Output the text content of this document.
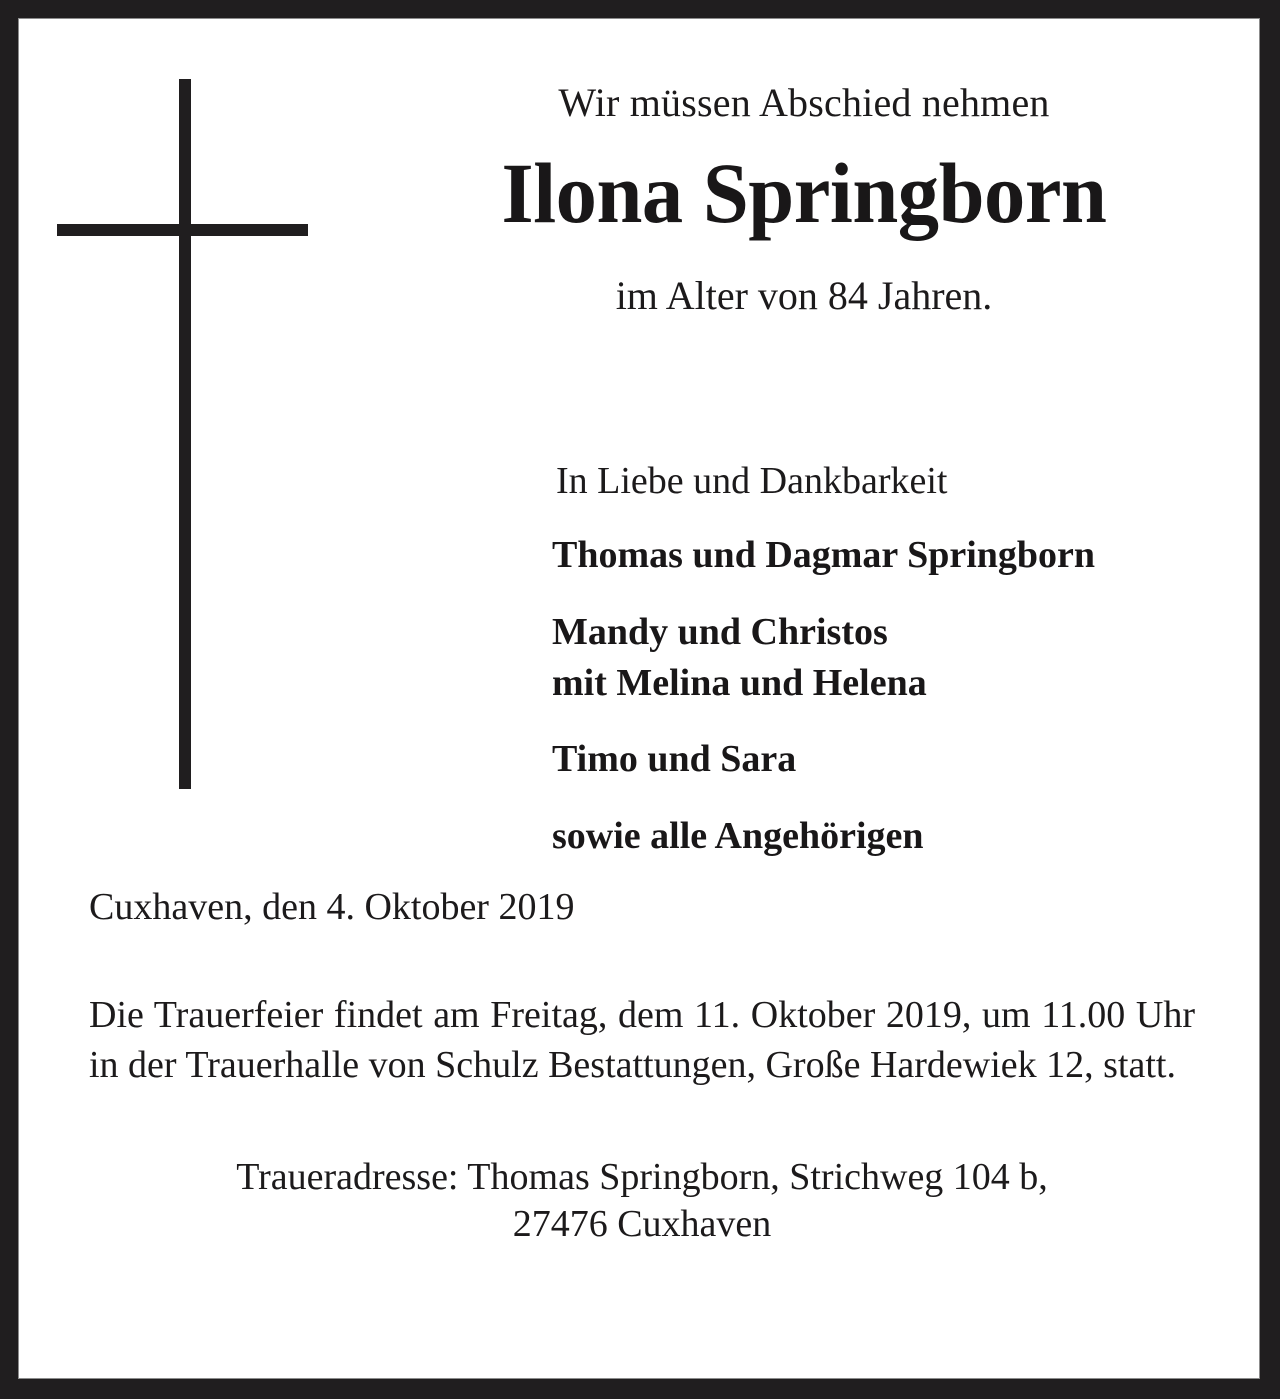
Wir müssen Abschied nehmen
Ilona Springborn
im Alter von 84 Jahren.
In Liebe und Dankbarkeit
Thomas und Dagmar Springborn
Mandy und Christos
mit Melina und Helena
Timo und Sara
sowie alle Angehörigen
Cuxhaven, den 4. Oktober 2019
Die Trauerfeier findet am Freitag, dem 11. Oktober 2019, um 11.00 Uhr in der Trauerhalle von Schulz Bestattungen, Große Hardewiek 12, statt.
Traueradresse: Thomas Springborn, Strichweg 104 b,
27476 Cuxhaven
